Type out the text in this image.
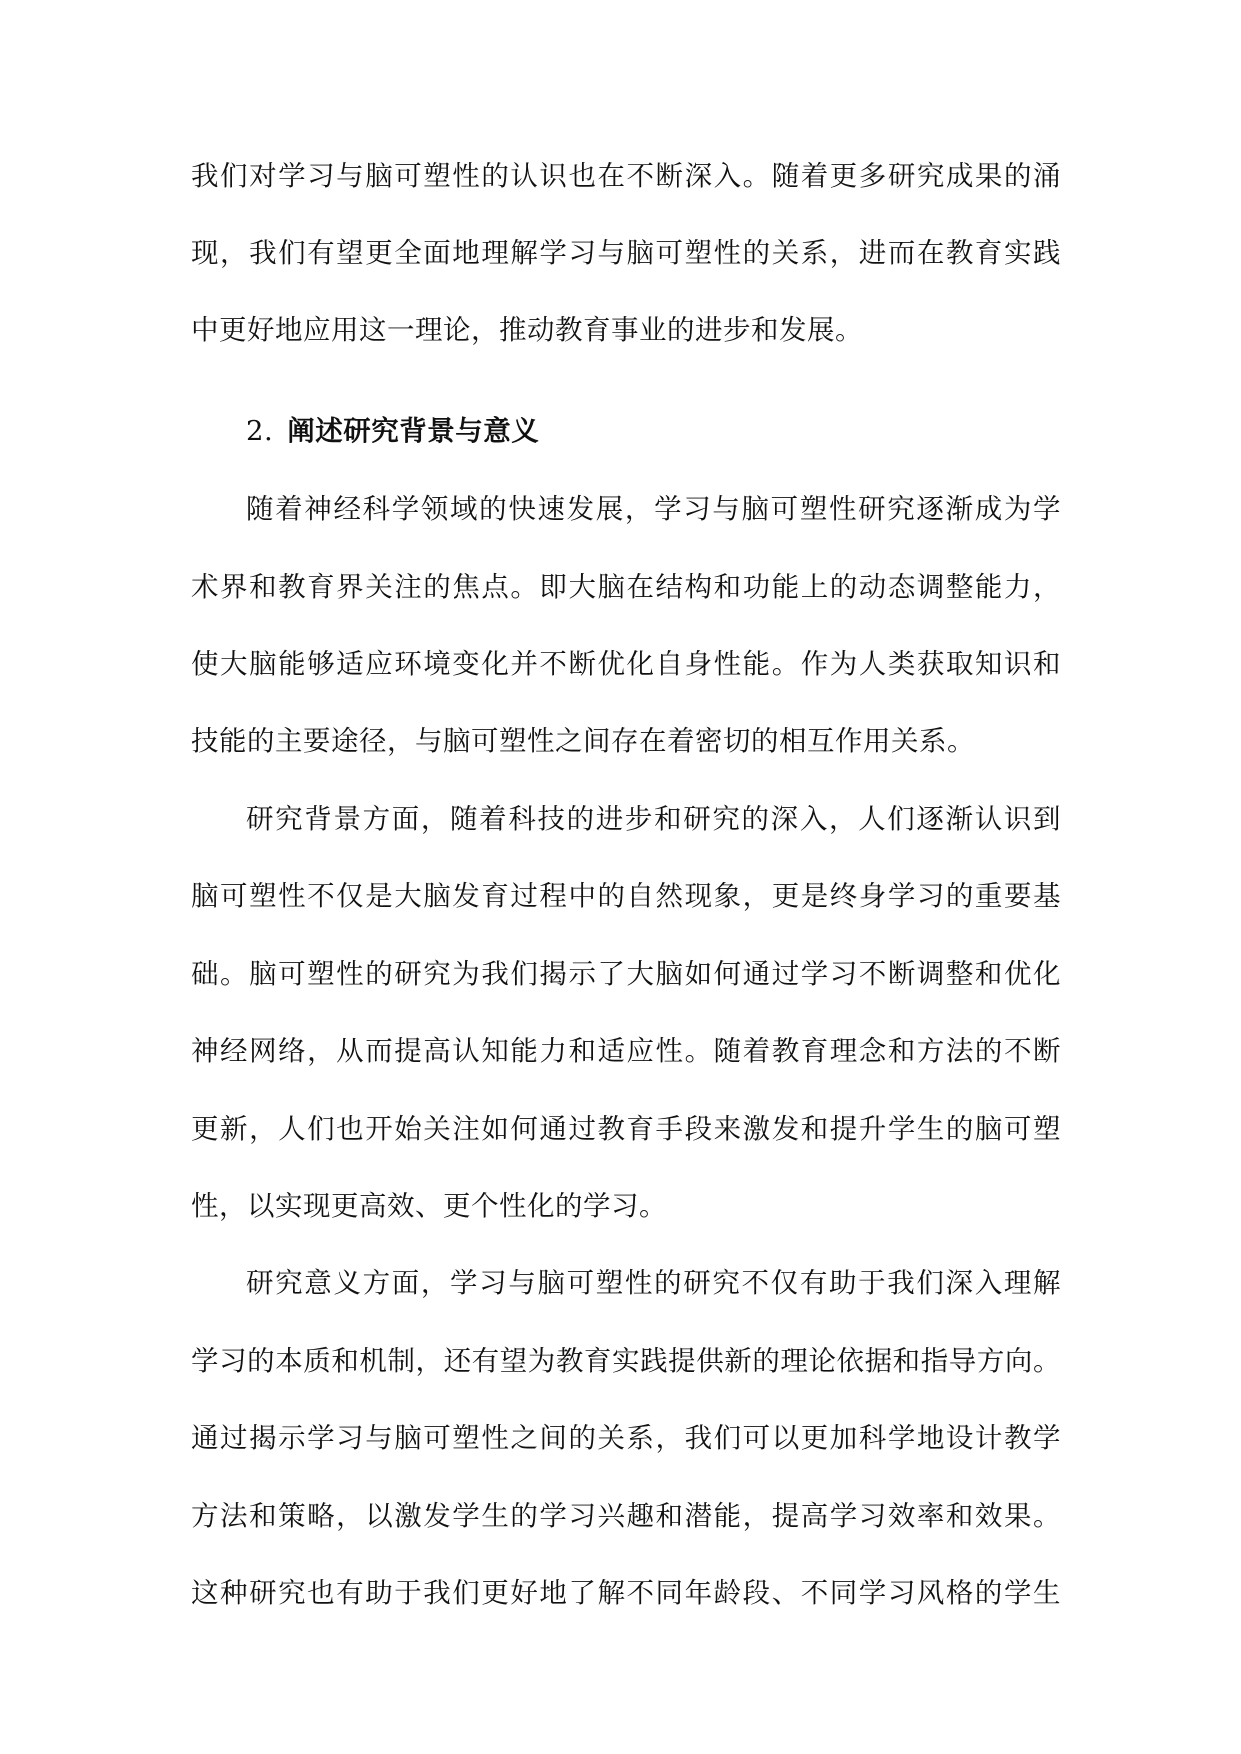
我们对学习与脑可塑性的认识也在不断深入。随着更多研究成果的涌
现，我们有望更全面地理解学习与脑可塑性的关系，进而在教育实践
中更好地应用这一理论，推动教育事业的进步和发展。
2. 阐述研究背景与意义
随着神经科学领域的快速发展，学习与脑可塑性研究逐渐成为学
术界和教育界关注的焦点。即大脑在结构和功能上的动态调整能力，
使大脑能够适应环境变化并不断优化自身性能。作为人类获取知识和
技能的主要途径，与脑可塑性之间存在着密切的相互作用关系。
研究背景方面，随着科技的进步和研究的深入，人们逐渐认识到
脑可塑性不仅是大脑发育过程中的自然现象，更是终身学习的重要基
础。脑可塑性的研究为我们揭示了大脑如何通过学习不断调整和优化
神经网络，从而提高认知能力和适应性。随着教育理念和方法的不断
更新，人们也开始关注如何通过教育手段来激发和提升学生的脑可塑
性，以实现更高效、更个性化的学习。
研究意义方面，学习与脑可塑性的研究不仅有助于我们深入理解
学习的本质和机制，还有望为教育实践提供新的理论依据和指导方向。
通过揭示学习与脑可塑性之间的关系，我们可以更加科学地设计教学
方法和策略，以激发学生的学习兴趣和潜能，提高学习效率和效果。
这种研究也有助于我们更好地了解不同年龄段、不同学习风格的学生
